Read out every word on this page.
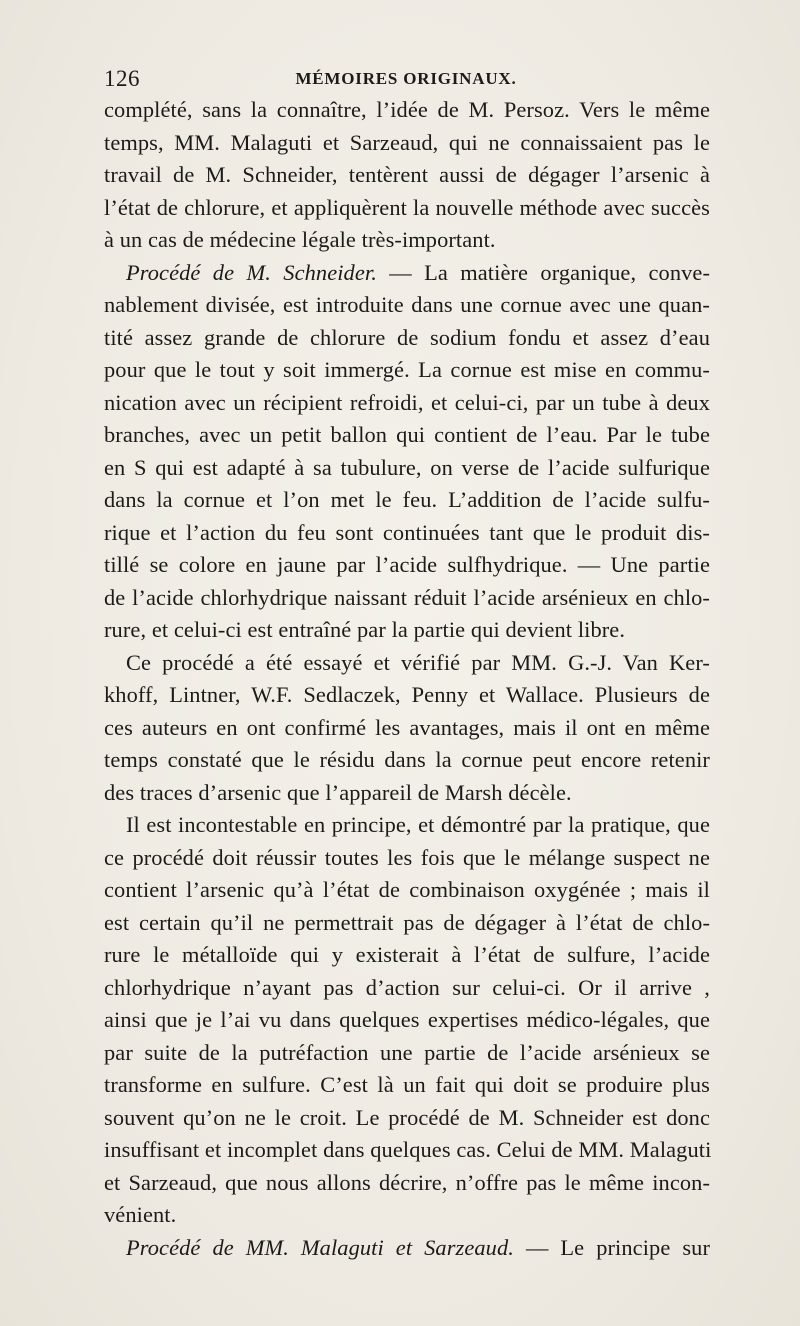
126	MÉMOIRES ORIGINAUX.
complété, sans la connaître, l’idée de M. Persoz. Vers le même
temps, MM. Malaguti et Sarzeaud, qui ne connaissaient pas le
travail de M. Schneider, tentèrent aussi de dégager l’arsenic à
l’état de chlorure, et appliquèrent la nouvelle méthode avec succès
à un cas de médecine légale très-important.
Procédé de M. Schneider. — La matière organique, conve-
nablement divisée, est introduite dans une cornue avec une quan-
tité assez grande de chlorure de sodium fondu et assez d’eau
pour que le tout y soit immergé. La cornue est mise en commu-
nication avec un récipient refroidi, et celui-ci, par un tube à deux
branches, avec un petit ballon qui contient de l’eau. Par le tube
en S qui est adapté à sa tubulure, on verse de l’acide sulfurique
dans la cornue et l’on met le feu. L’addition de l’acide sulfu-
rique et l’action du feu sont continuées tant que le produit dis-
tillé se colore en jaune par l’acide sulfhydrique. — Une partie
de l’acide chlorhydrique naissant réduit l’acide arsénieux en chlo-
rure, et celui-ci est entraîné par la partie qui devient libre.
Ce procédé a été essayé et vérifié par MM. G.-J. Van Ker-
khoff, Lintner, W.F. Sedlaczek, Penny et Wallace. Plusieurs de
ces auteurs en ont confirmé les avantages, mais il ont en même
temps constaté que le résidu dans la cornue peut encore retenir
des traces d’arsenic que l’appareil de Marsh décèle.
Il est incontestable en principe, et démontré par la pratique, que
ce procédé doit réussir toutes les fois que le mélange suspect ne
contient l’arsenic qu’à l’état de combinaison oxygénée ; mais il
est certain qu’il ne permettrait pas de dégager à l’état de chlo-
rure le métalloïde qui y existerait à l’état de sulfure, l’acide
chlorhydrique n’ayant pas d’action sur celui-ci. Or il arrive ,
ainsi que je l’ai vu dans quelques expertises médico-légales, que
par suite de la putréfaction une partie de l’acide arsénieux se
transforme en sulfure. C’est là un fait qui doit se produire plus
souvent qu’on ne le croit. Le procédé de M. Schneider est donc
insuffisant et incomplet dans quelques cas. Celui de MM. Malaguti
et Sarzeaud, que nous allons décrire, n’offre pas le même incon-
vénient.
Procédé de MM. Malaguti et Sarzeaud. — Le principe sur
